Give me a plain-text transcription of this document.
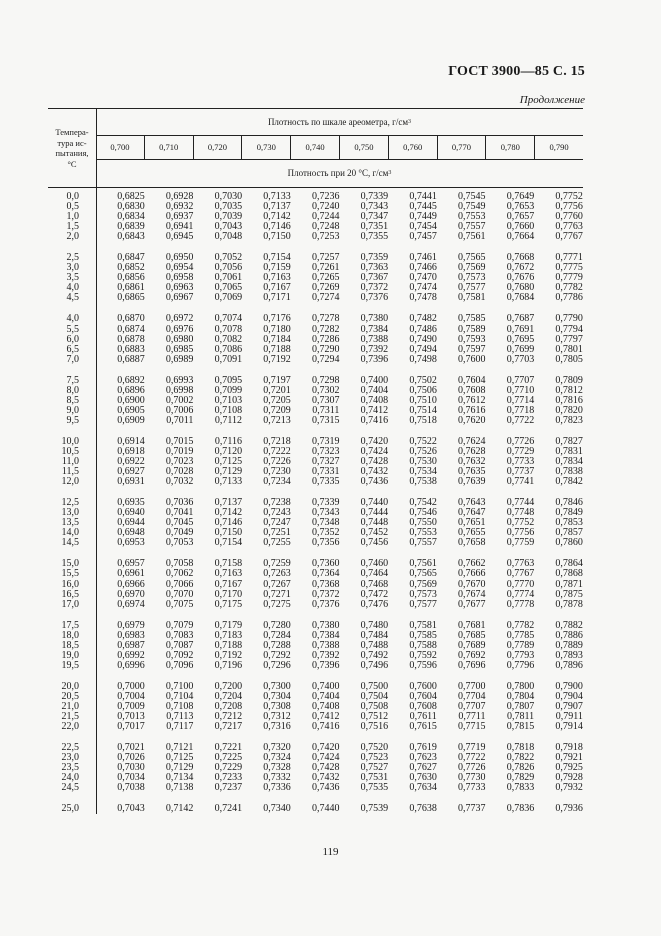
ГОСТ 3900—85 С. 15
Продолжение
Темпера-
тура ис-
пытания,
°С
Плотность по шкале ареометра, г/см 3
0,700	0,710	0,720	0,730	0,740	0,750	0,760	0,770	0,780	0,790
Плотность при 20 °С, г/см 3
0,0	0,6825	0,6928	0,7030	0,7133	0,7236	0,7339	0,7441	0,7545	0,7649	0,7752
0,5	0,6830	0,6932	0,7035	0,7137	0,7240	0,7343	0,7445	0,7549	0,7653	0,7756
1,0	0,6834	0,6937	0,7039	0,7142	0,7244	0,7347	0,7449	0,7553	0,7657	0,7760
1,5	0,6839	0,6941	0,7043	0,7146	0,7248	0,7351	0,7454	0,7557	0,7660	0,7763
2,0	0,6843	0,6945	0,7048	0,7150	0,7253	0,7355	0,7457	0,7561	0,7664	0,7767
2,5	0,6847	0,6950	0,7052	0,7154	0,7257	0,7359	0,7461	0,7565	0,7668	0,7771
3,0	0,6852	0,6954	0,7056	0,7159	0,7261	0,7363	0,7466	0,7569	0,7672	0,7775
3,5	0,6856	0,6958	0,7061	0,7163	0,7265	0,7367	0,7470	0,7573	0,7676	0,7779
4,0	0,6861	0,6963	0,7065	0,7167	0,7269	0,7372	0,7474	0,7577	0,7680	0,7782
4,5	0,6865	0,6967	0,7069	0,7171	0,7274	0,7376	0,7478	0,7581	0,7684	0,7786
4,0	0,6870	0,6972	0,7074	0,7176	0,7278	0,7380	0,7482	0,7585	0,7687	0,7790
5,5	0,6874	0,6976	0,7078	0,7180	0,7282	0,7384	0,7486	0,7589	0,7691	0,7794
6,0	0,6878	0,6980	0,7082	0,7184	0,7286	0,7388	0,7490	0,7593	0,7695	0,7797
6,5	0,6883	0,6985	0,7086	0,7188	0,7290	0,7392	0,7494	0,7597	0,7699	0,7801
7,0	0,6887	0,6989	0,7091	0,7192	0,7294	0,7396	0,7498	0,7600	0,7703	0,7805
7,5	0,6892	0,6993	0,7095	0,7197	0,7298	0,7400	0,7502	0,7604	0,7707	0,7809
8,0	0,6896	0,6998	0,7099	0,7201	0,7302	0,7404	0,7506	0,7608	0,7710	0,7812
8,5	0,6900	0,7002	0,7103	0,7205	0,7307	0,7408	0,7510	0,7612	0,7714	0,7816
9,0	0,6905	0,7006	0,7108	0,7209	0,7311	0,7412	0,7514	0,7616	0,7718	0,7820
9,5	0,6909	0,7011	0,7112	0,7213	0,7315	0,7416	0,7518	0,7620	0,7722	0,7823
10,0	0,6914	0,7015	0,7116	0,7218	0,7319	0,7420	0,7522	0,7624	0,7726	0,7827
10,5	0,6918	0,7019	0,7120	0,7222	0,7323	0,7424	0,7526	0,7628	0,7729	0,7831
11,0	0,6922	0,7023	0,7125	0,7226	0,7327	0,7428	0,7530	0,7632	0,7733	0,7834
11,5	0,6927	0,7028	0,7129	0,7230	0,7331	0,7432	0,7534	0,7635	0,7737	0,7838
12,0	0,6931	0,7032	0,7133	0,7234	0,7335	0,7436	0,7538	0,7639	0,7741	0,7842
12,5	0,6935	0,7036	0,7137	0,7238	0,7339	0,7440	0,7542	0,7643	0,7744	0,7846
13,0	0,6940	0,7041	0,7142	0,7243	0,7343	0,7444	0,7546	0,7647	0,7748	0,7849
13,5	0,6944	0,7045	0,7146	0,7247	0,7348	0,7448	0,7550	0,7651	0,7752	0,7853
14,0	0,6948	0,7049	0,7150	0,7251	0,7352	0,7452	0,7553	0,7655	0,7756	0,7857
14,5	0,6953	0,7053	0,7154	0,7255	0,7356	0,7456	0,7557	0,7658	0,7759	0,7860
15,0	0,6957	0,7058	0,7158	0,7259	0,7360	0,7460	0,7561	0,7662	0,7763	0,7864
15,5	0,6961	0,7062	0,7163	0,7263	0,7364	0,7464	0,7565	0,7666	0,7767	0,7868
16,0	0,6966	0,7066	0,7167	0,7267	0,7368	0,7468	0,7569	0,7670	0,7770	0,7871
16,5	0,6970	0,7070	0,7170	0,7271	0,7372	0,7472	0,7573	0,7674	0,7774	0,7875
17,0	0,6974	0,7075	0,7175	0,7275	0,7376	0,7476	0,7577	0,7677	0,7778	0,7878
17,5	0,6979	0,7079	0,7179	0,7280	0,7380	0,7480	0,7581	0,7681	0,7782	0,7882
18,0	0,6983	0,7083	0,7183	0,7284	0,7384	0,7484	0,7585	0,7685	0,7785	0,7886
18,5	0,6987	0,7087	0,7188	0,7288	0,7388	0,7488	0,7588	0,7689	0,7789	0,7889
19,0	0,6992	0,7092	0,7192	0,7292	0,7392	0,7492	0,7592	0,7692	0,7793	0,7893
19,5	0,6996	0,7096	0,7196	0,7296	0,7396	0,7496	0,7596	0,7696	0,7796	0,7896
20,0	0,7000	0,7100	0,7200	0,7300	0,7400	0,7500	0,7600	0,7700	0,7800	0,7900
20,5	0,7004	0,7104	0,7204	0,7304	0,7404	0,7504	0,7604	0,7704	0,7804	0,7904
21,0	0,7009	0,7108	0,7208	0,7308	0,7408	0,7508	0,7608	0,7707	0,7807	0,7907
21,5	0,7013	0,7113	0,7212	0,7312	0,7412	0,7512	0,7611	0,7711	0,7811	0,7911
22,0	0,7017	0,7117	0,7217	0,7316	0,7416	0,7516	0,7615	0,7715	0,7815	0,7914
22,5	0,7021	0,7121	0,7221	0,7320	0,7420	0,7520	0,7619	0,7719	0,7818	0,7918
23,0	0,7026	0,7125	0,7225	0,7324	0,7424	0,7523	0,7623	0,7722	0,7822	0,7921
23,5	0,7030	0,7129	0,7229	0,7328	0,7428	0,7527	0,7627	0,7726	0,7826	0,7925
24,0	0,7034	0,7134	0,7233	0,7332	0,7432	0,7531	0,7630	0,7730	0,7829	0,7928
24,5	0,7038	0,7138	0,7237	0,7336	0,7436	0,7535	0,7634	0,7733	0,7833	0,7932
25,0	0,7043	0,7142	0,7241	0,7340	0,7440	0,7539	0,7638	0,7737	0,7836	0,7936
119
